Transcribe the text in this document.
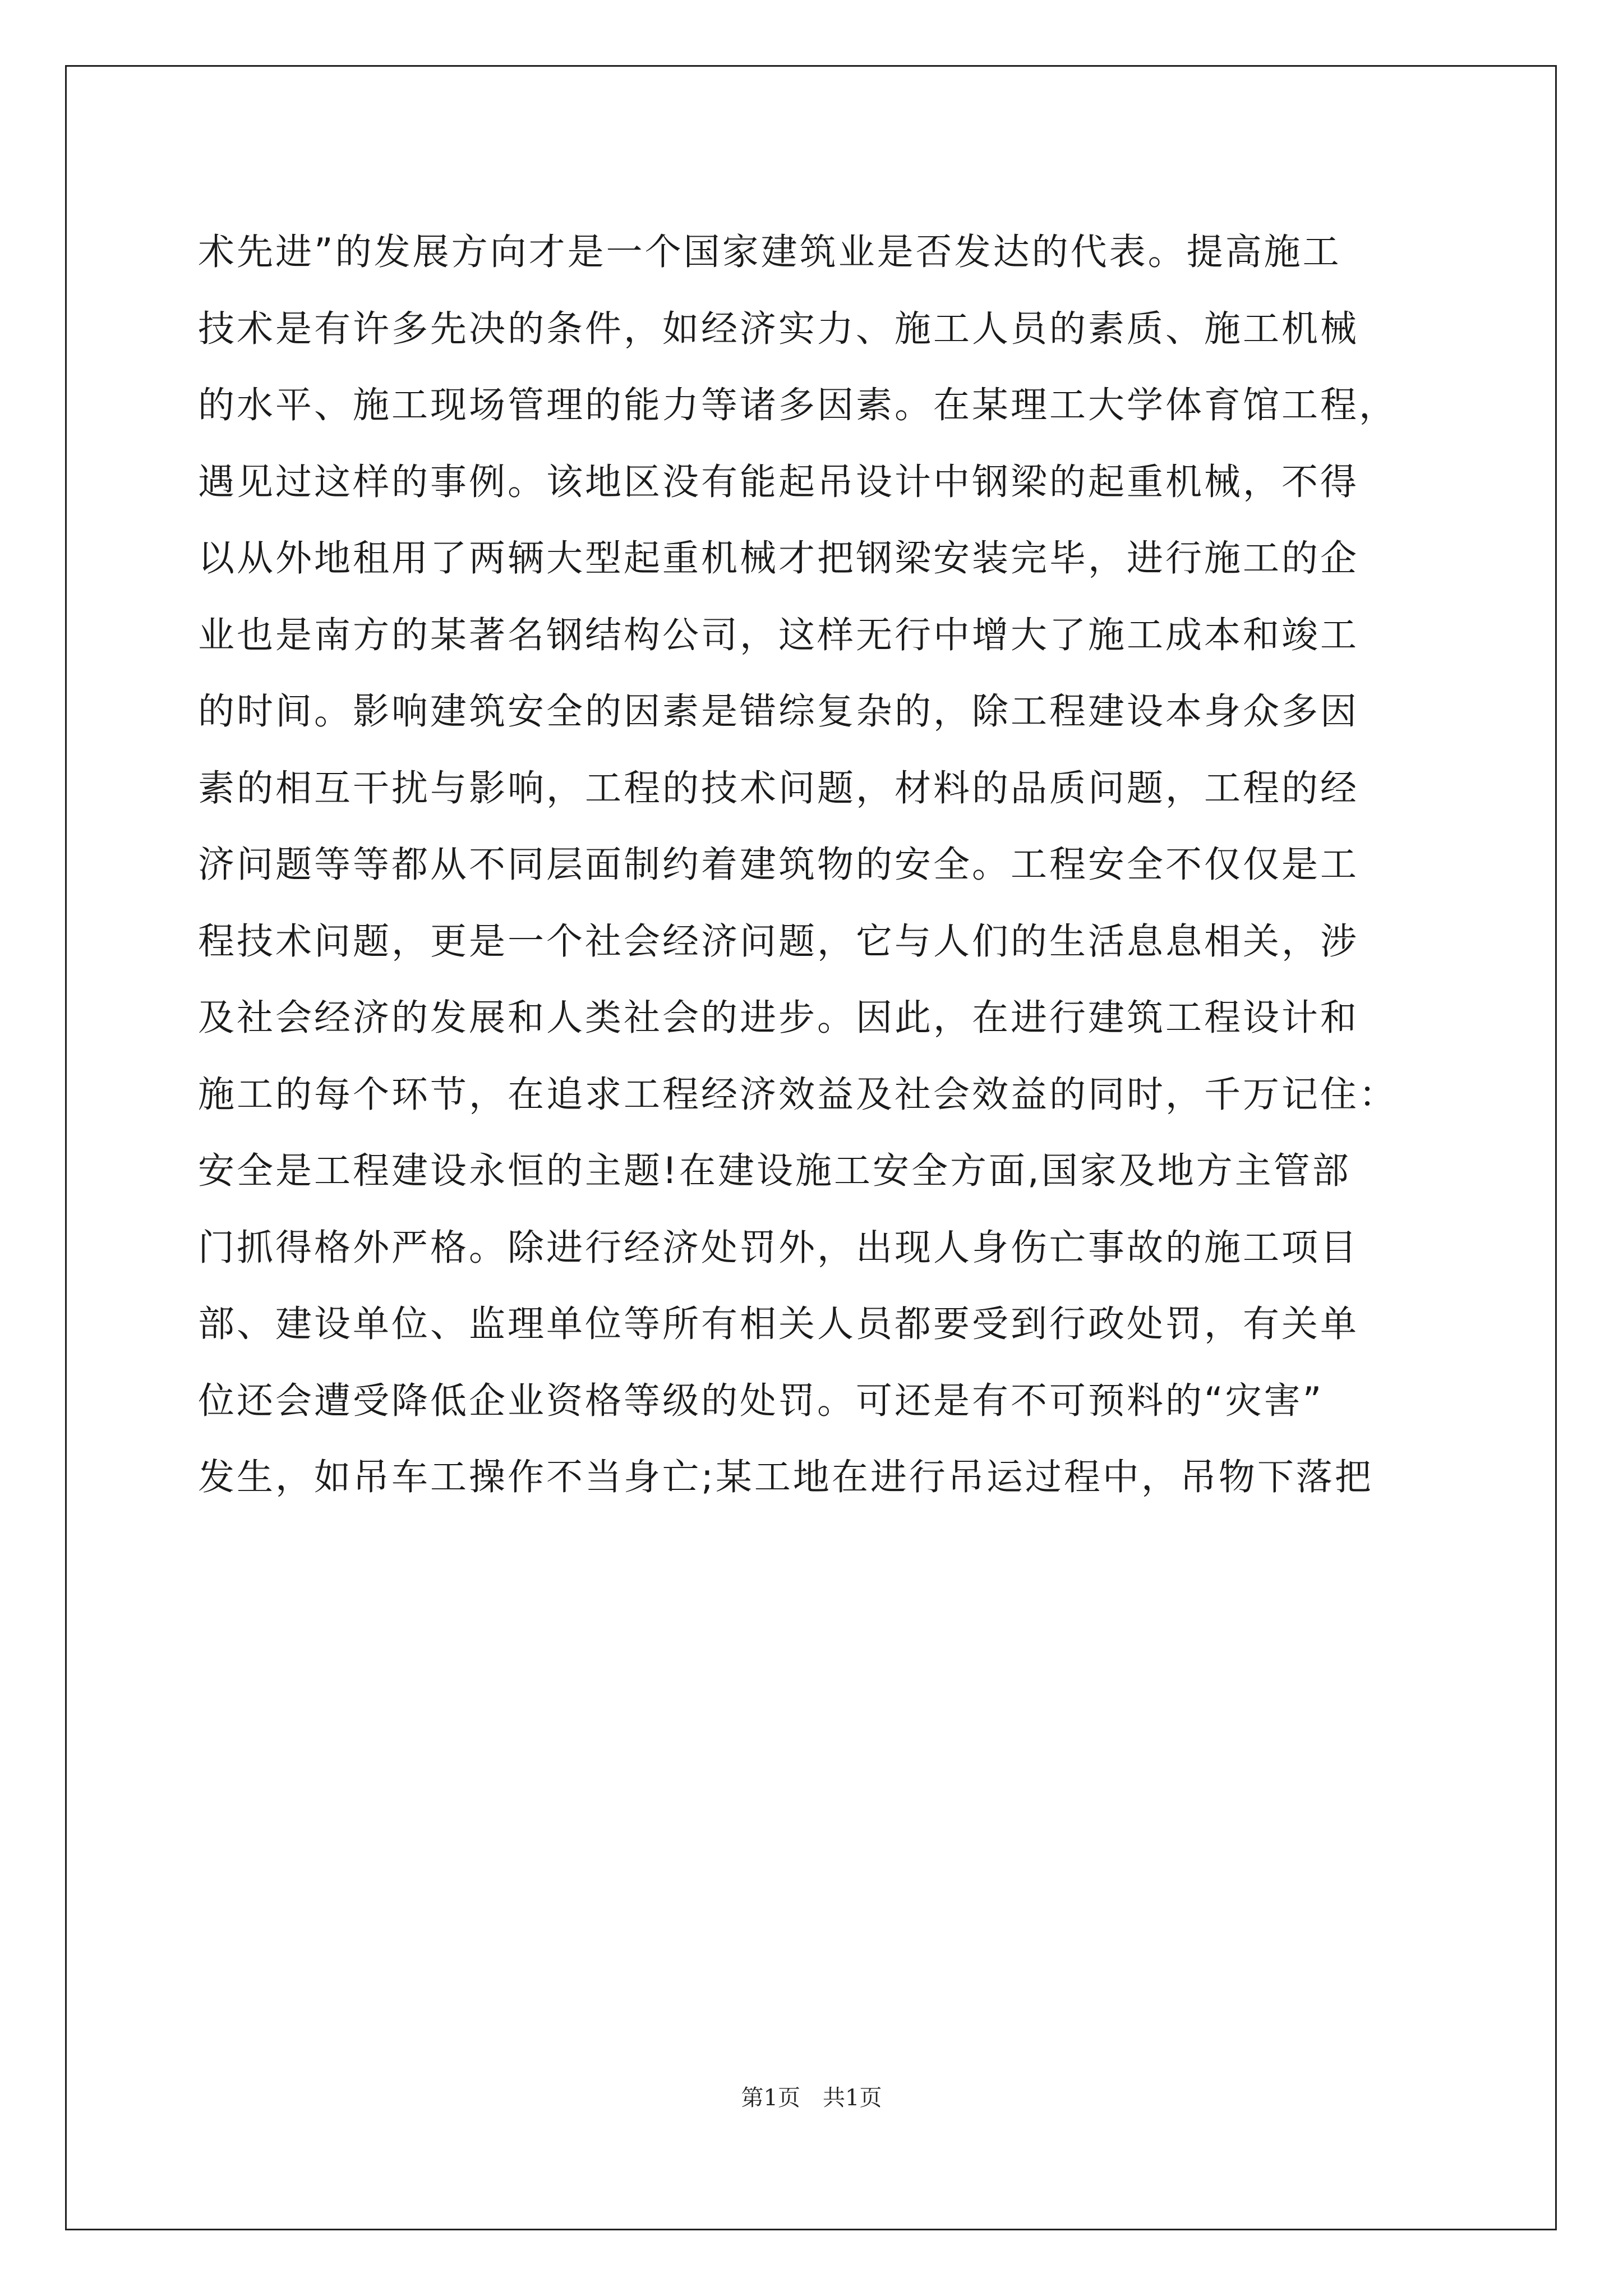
术先进”的发展方向才是一个国家建筑业是否发达的代表。提高施工
技术是有许多先决的条件，如经济实力、施工人员的素质、施工机械
的水平、施工现场管理的能力等诸多因素。在某理工大学体育馆工程，
遇见过这样的事例。该地区没有能起吊设计中钢梁的起重机械，不得
以从外地租用了两辆大型起重机械才把钢梁安装完毕，进行施工的企
业也是南方的某著名钢结构公司，这样无行中增大了施工成本和竣工
的时间。影响建筑安全的因素是错综复杂的，除工程建设本身众多因
素的相互干扰与影响，工程的技术问题，材料的品质问题，工程的经
济问题等等都从不同层面制约着建筑物的安全。工程安全不仅仅是工
程技术问题，更是一个社会经济问题，它与人们的生活息息相关，涉
及社会经济的发展和人类社会的进步。因此，在进行建筑工程设计和
施工的每个环节，在追求工程经济效益及社会效益的同时，千万记住：
安全是工程建设永恒的主题!在建设施工安全方面,国家及地方主管部
门抓得格外严格。除进行经济处罚外，出现人身伤亡事故的施工项目
部、建设单位、监理单位等所有相关人员都要受到行政处罚，有关单
位还会遭受降低企业资格等级的处罚。可还是有不可预料的“灾害”
发生，如吊车工操作不当身亡;某工地在进行吊运过程中，吊物下落把
第1页 共1页
